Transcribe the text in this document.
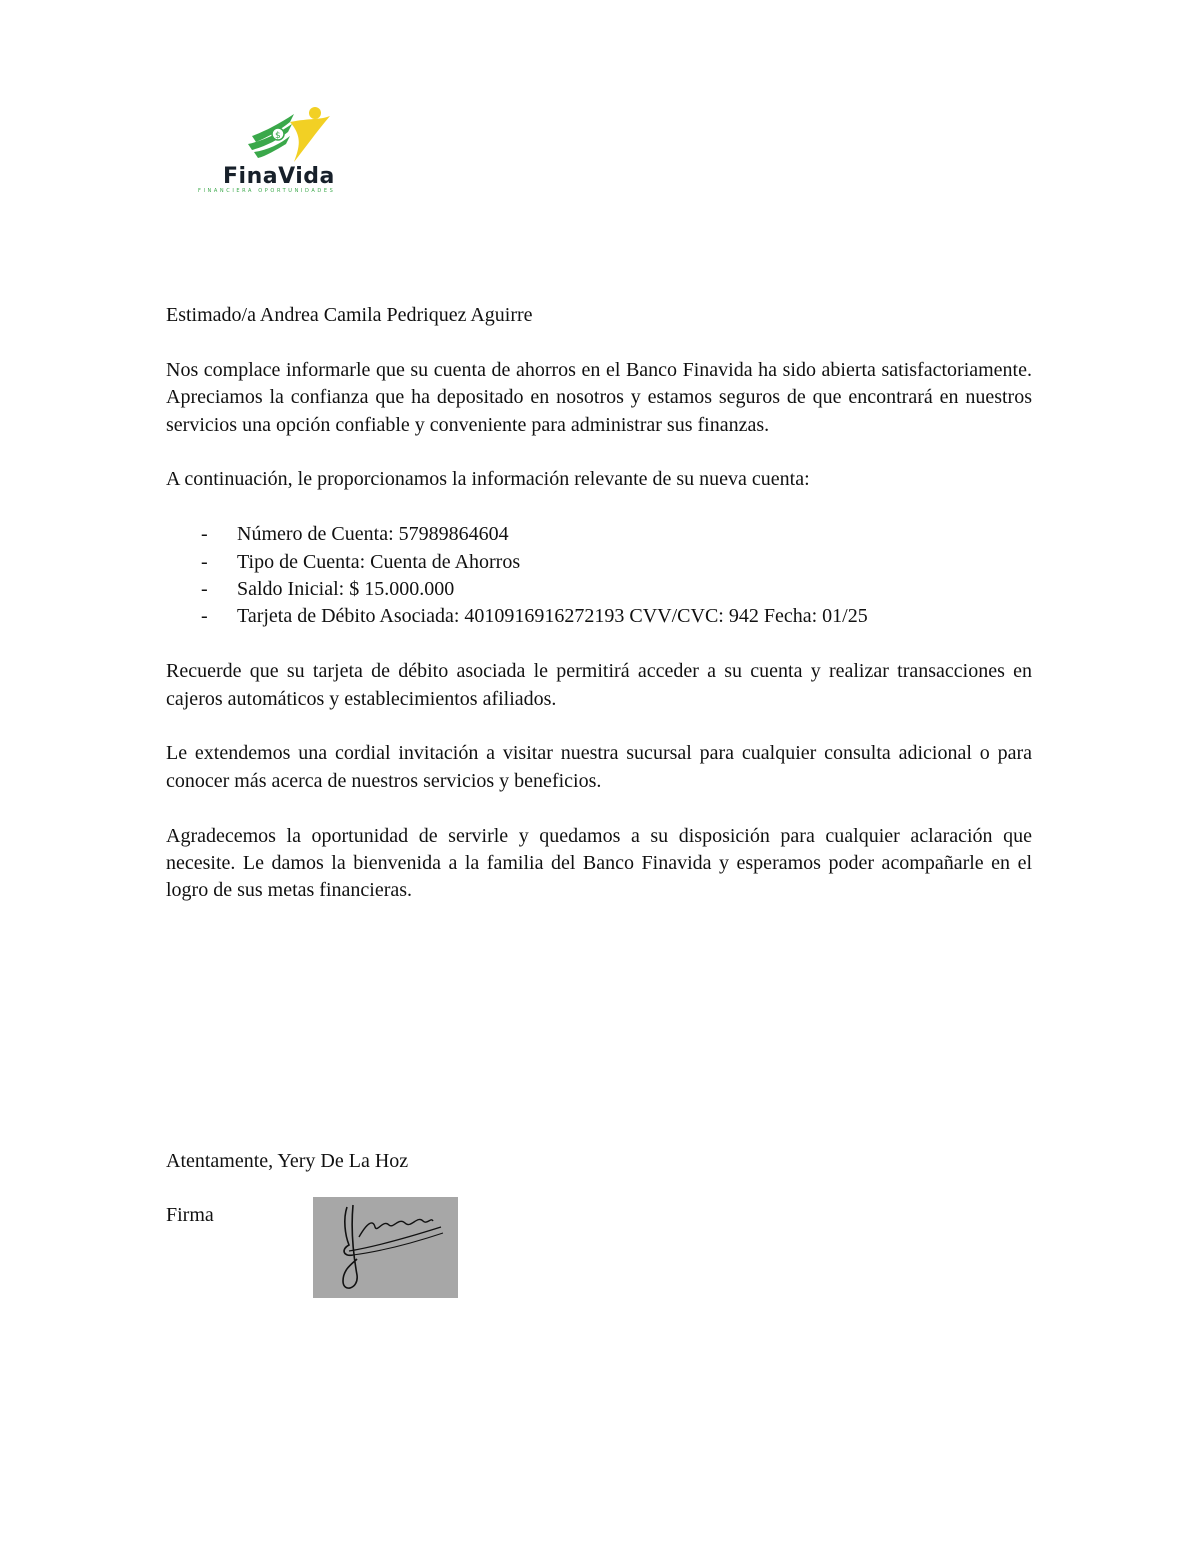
$
FinaVida
FINANCIERA OPORTUNIDADES

Estimado/a Andrea Camila Pedriquez Aguirre

Nos complace informarle que su cuenta de ahorros en el Banco Finavida ha sido abierta satisfactoriamente. Apreciamos la confianza que ha depositado en nosotros y estamos seguros de que encontrará en nuestros servicios una opción confiable y conveniente para administrar sus finanzas.

A continuación, le proporcionamos la información relevante de su nueva cuenta:

- Número de Cuenta: 57989864604
- Tipo de Cuenta: Cuenta de Ahorros
- Saldo Inicial: $ 15.000.000
- Tarjeta de Débito Asociada: 4010916916272193 CVV/CVC: 942 Fecha: 01/25

Recuerde que su tarjeta de débito asociada le permitirá acceder a su cuenta y realizar transacciones en cajeros automáticos y establecimientos afiliados.

Le extendemos una cordial invitación a visitar nuestra sucursal para cualquier consulta adicional o para conocer más acerca de nuestros servicios y beneficios.

Agradecemos la oportunidad de servirle y quedamos a su disposición para cualquier aclaración que necesite. Le damos la bienvenida a la familia del Banco Finavida y esperamos poder acompañarle en el logro de sus metas financieras.

Atentamente, Yery De La Hoz
Firma
